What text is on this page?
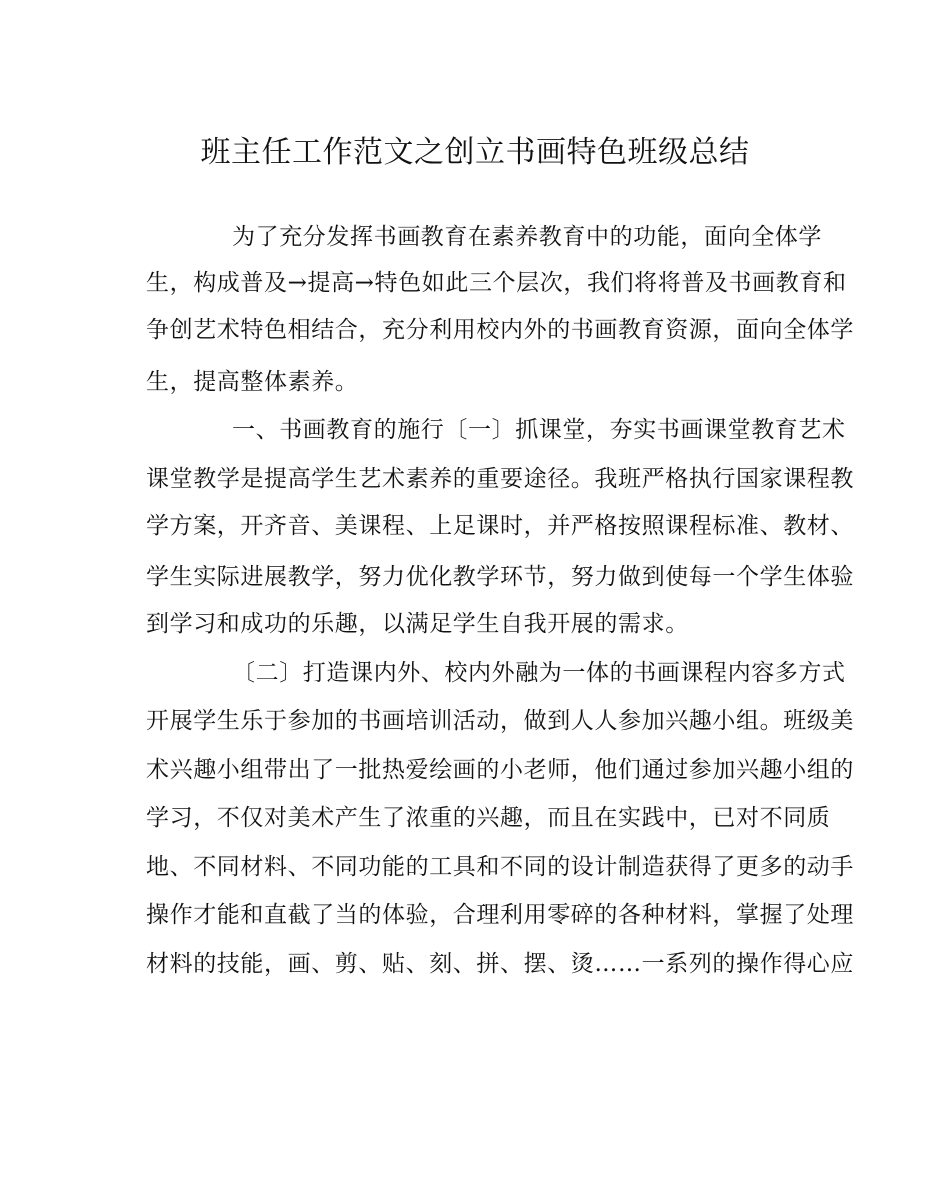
班主任工作范文之创立书画特色班级总结

为了充分发挥书画教育在素养教育中的功能，面向全体学

生，构成普及→提高→特色如此三个层次，我们将将普及书画教育和

争创艺术特色相结合，充分利用校内外的书画教育资源，面向全体学

生，提高整体素养。

一、书画教育的施行〔一〕抓课堂，夯实书画课堂教育艺术

课堂教学是提高学生艺术素养的重要途径。我班严格执行国家课程教

学方案，开齐音、美课程、上足课时，并严格按照课程标准、教材、

学生实际进展教学，努力优化教学环节，努力做到使每一个学生体验

到学习和成功的乐趣，以满足学生自我开展的需求。

〔二〕打造课内外、校内外融为一体的书画课程内容多方式

开展学生乐于参加的书画培训活动，做到人人参加兴趣小组。班级美

术兴趣小组带出了一批热爱绘画的小老师，他们通过参加兴趣小组的

学习，不仅对美术产生了浓重的兴趣，而且在实践中，已对不同质

地、不同材料、不同功能的工具和不同的设计制造获得了更多的动手

操作才能和直截了当的体验，合理利用零碎的各种材料，掌握了处理

材料的技能，画、剪、贴、刻、拼、摆、烫……一系列的操作得心应
